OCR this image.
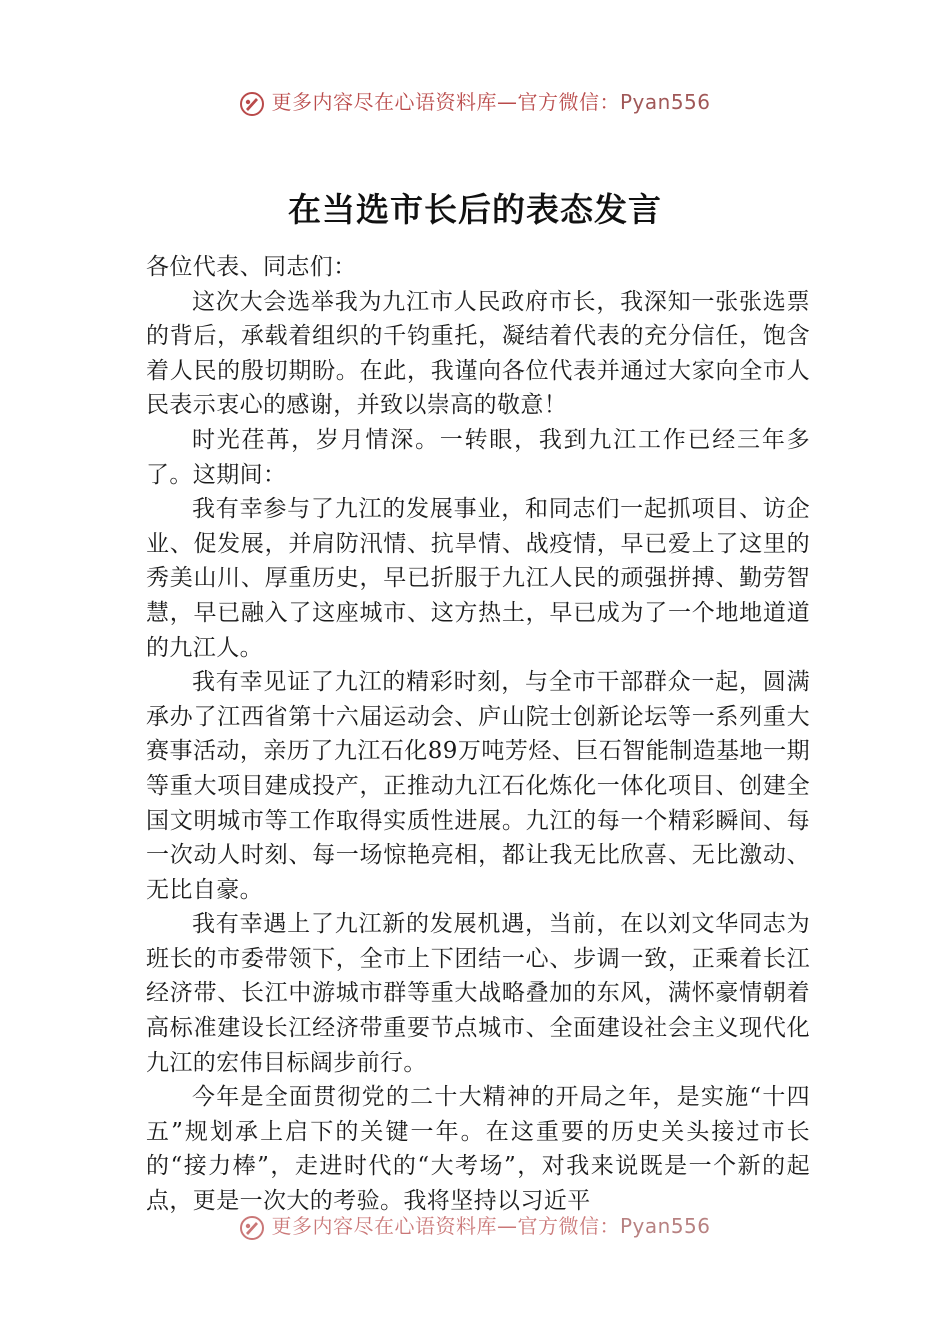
更多内容尽在心语资料库—官方微信：Pyan556
在当选市长后的表态发言

各位代表、同志们：

这次大会选举我为九江市人民政府市长，我深知一张张选票的背后，承载着组织的千钧重托，凝结着代表的充分信任，饱含着人民的殷切期盼。在此，我谨向各位代表并通过大家向全市人民表示衷心的感谢，并致以崇高的敬意！

时光荏苒，岁月情深。一转眼，我到九江工作已经三年多了。这期间：

我有幸参与了九江的发展事业，和同志们一起抓项目、访企业、促发展，并肩防汛情、抗旱情、战疫情，早已爱上了这里的秀美山川、厚重历史，早已折服于九江人民的顽强拼搏、勤劳智慧，早已融入了这座城市、这方热土，早已成为了一个地地道道的九江人。

我有幸见证了九江的精彩时刻，与全市干部群众一起，圆满承办了江西省第十六届运动会、庐山院士创新论坛等一系列重大赛事活动，亲历了九江石化89万吨芳烃、巨石智能制造基地一期等重大项目建成投产，正推动九江石化炼化一体化项目、创建全国文明城市等工作取得实质性进展。九江的每一个精彩瞬间、每一次动人时刻、每一场惊艳亮相，都让我无比欣喜、无比激动、无比自豪。

我有幸遇上了九江新的发展机遇，当前，在以刘文华同志为班长的市委带领下，全市上下团结一心、步调一致，正乘着长江经济带、长江中游城市群等重大战略叠加的东风，满怀豪情朝着高标准建设长江经济带重要节点城市、全面建设社会主义现代化九江的宏伟目标阔步前行。

今年是全面贯彻党的二十大精神的开局之年，是实施“十四五”规划承上启下的关键一年。在这重要的历史关头接过市长的“接力棒”，走进时代的“大考场”，对我来说既是一个新的起点，更是一次大的考验。我将坚持以习近平

更多内容尽在心语资料库—官方微信：Pyan556
